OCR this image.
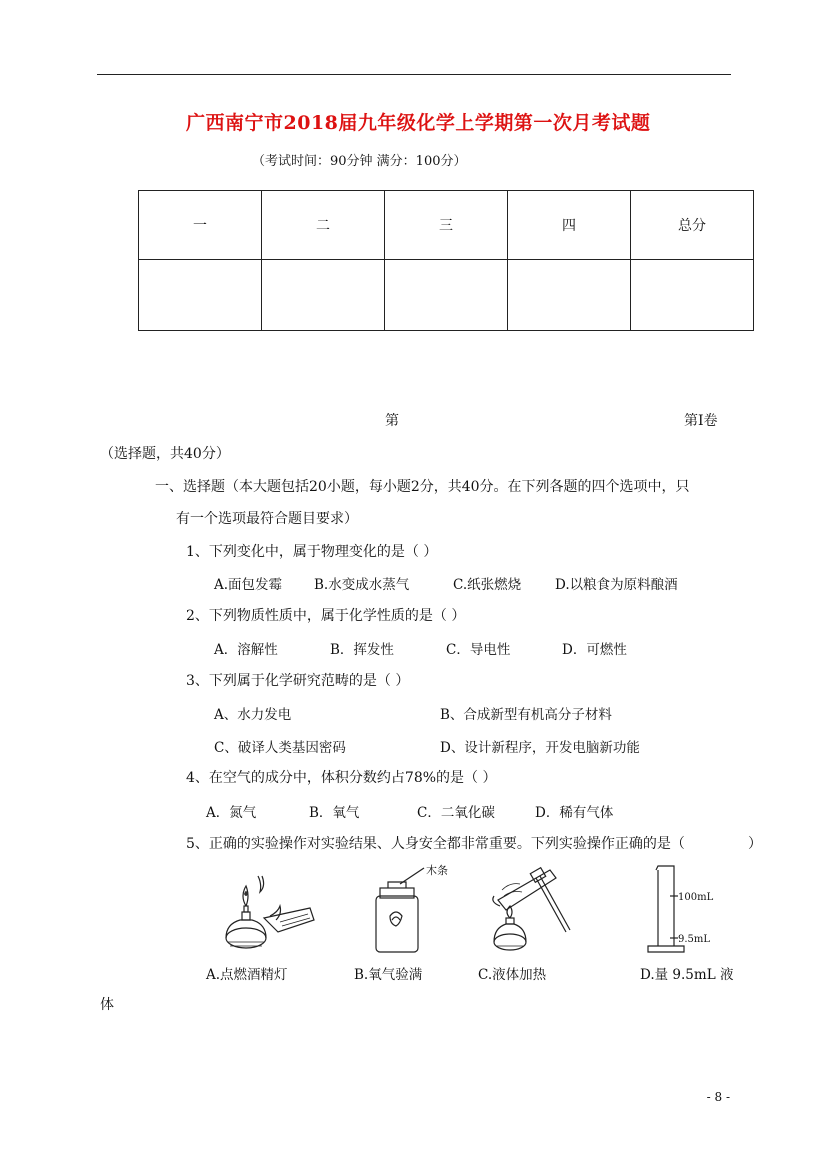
广西南宁市2018届九年级化学上学期第一次月考试题
（考试时间：90分钟 满分：100分）
一	二	三	四	总分

第	第Ⅰ卷
（选择题，共40分）
一、选择题（本大题包括20小题，每小题2分，共40分。在下列各题的四个选项中，只
有一个选项最符合题目要求）
1、下列变化中，属于物理变化的是（ ）
A.面包发霉 B.水变成水蒸气	C.纸张燃烧	D.以粮食为原料酿酒
2、下列物质性质中，属于化学性质的是（ ）
A．溶解性	B．挥发性	C．导电性	D．可燃性
3、下列属于化学研究范畴的是（ ）
A、水力发电	B、合成新型有机高分子材料
C、破译人类基因密码	D、设计新程序，开发电脑新功能
4、在空气的成分中，体积分数约占78%的是（ ）
A．氮气	B．氧气	C．二氧化碳	D．稀有气体
5、正确的实验操作对实验结果、人身安全都非常重要。下列实验操作正确的是（	）
木条
100mL
9.5mL
A.点燃酒精灯	B.氧气验满	C.液体加热	D.量 9.5mL 液
体
- 8 -
